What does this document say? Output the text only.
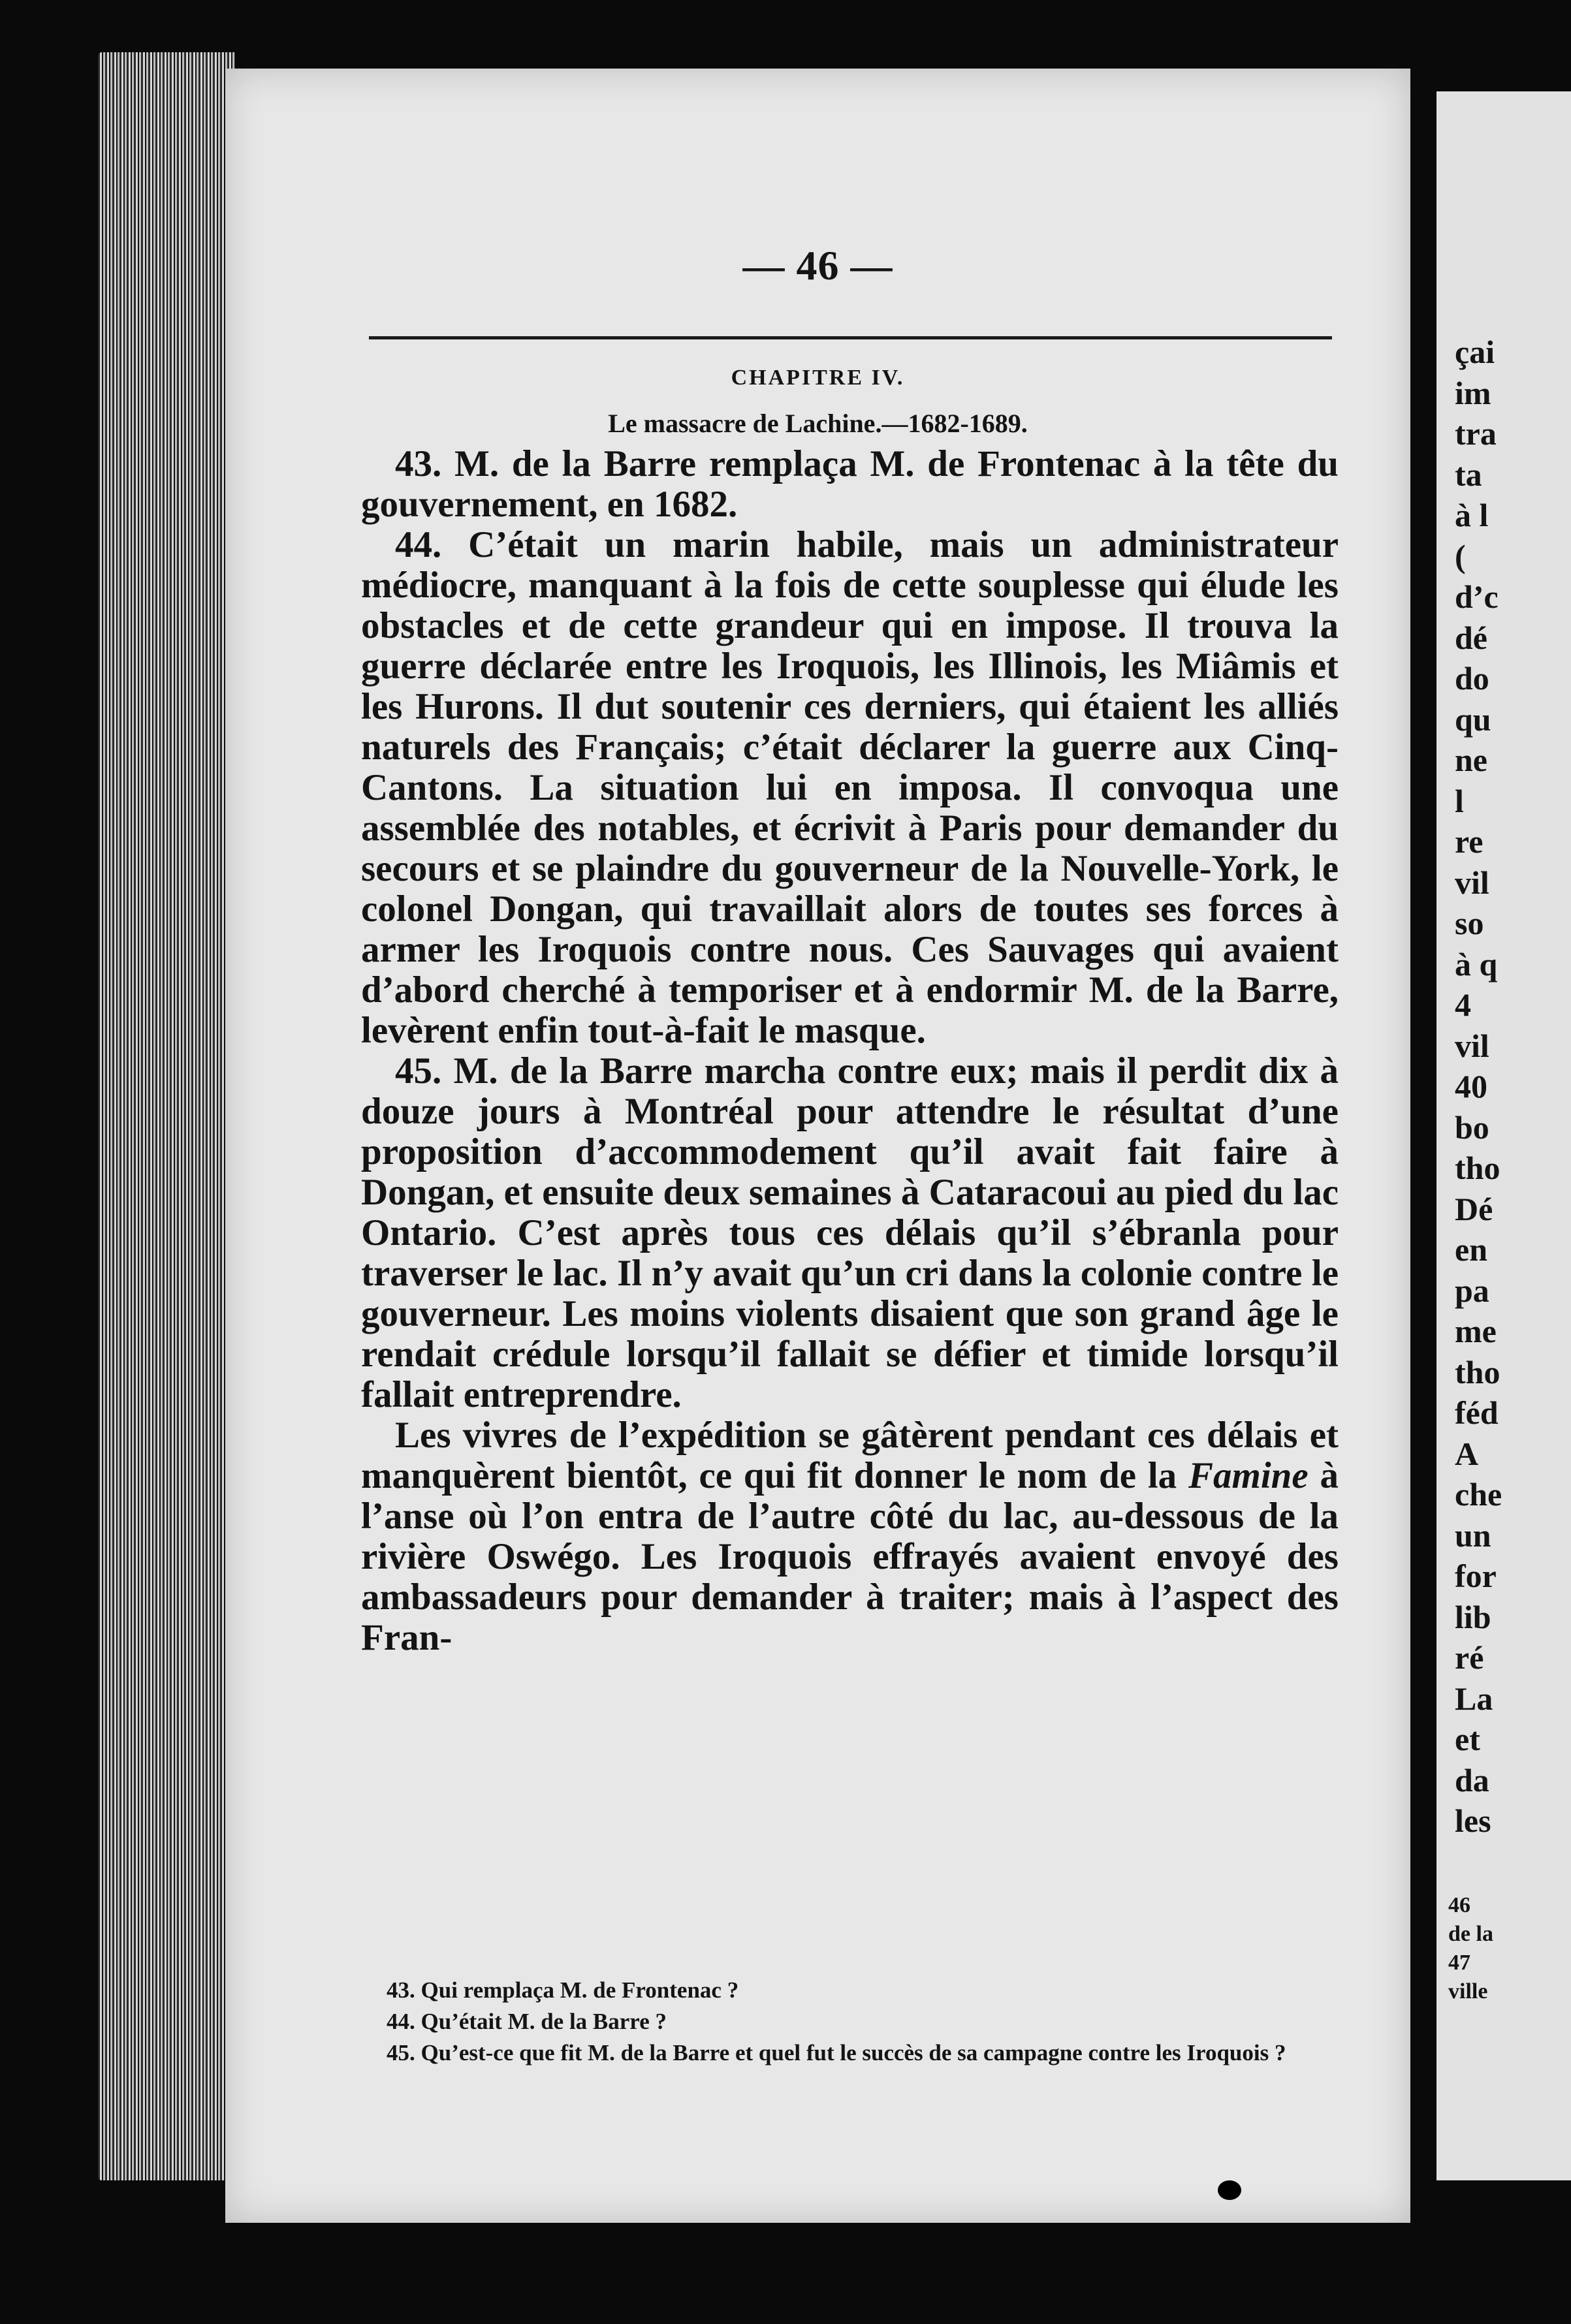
— 46 —
CHAPITRE IV.
Le massacre de Lachine.—1682-1689.

43. M. de la Barre remplaça M. de Frontenac à la tête du gouvernement, en 1682.

44. C’était un marin habile, mais un administrateur médiocre, manquant à la fois de cette souplesse qui élude les obstacles et de cette grandeur qui en impose. Il trouva la guerre déclarée entre les Iroquois, les Illinois, les Miâmis et les Hurons. Il dut soutenir ces derniers, qui étaient les alliés naturels des Français; c’était déclarer la guerre aux Cinq-Cantons. La situation lui en imposa. Il convoqua une assemblée des notables, et écrivit à Paris pour demander du secours et se plaindre du gouverneur de la Nouvelle-York, le colonel Dongan, qui travaillait alors de toutes ses forces à armer les Iroquois contre nous. Ces Sauvages qui avaient d’abord cherché à temporiser et à endormir M. de la Barre, levèrent enfin tout-à-fait le masque.

45. M. de la Barre marcha contre eux; mais il perdit dix à douze jours à Montréal pour attendre le résultat d’une proposition d’accommodement qu’il avait fait faire à Dongan, et ensuite deux semaines à Cataracoui au pied du lac Ontario. C’est après tous ces délais qu’il s’ébranla pour traverser le lac. Il n’y avait qu’un cri dans la colonie contre le gouverneur. Les moins violents disaient que son grand âge le rendait crédule lorsqu’il fallait se défier et timide lorsqu’il fallait entreprendre.

Les vivres de l’expédition se gâtèrent pendant ces délais et manquèrent bientôt, ce qui fit donner le nom de la Famine à l’anse où l’on entra de l’autre côté du lac, au-dessous de la rivière Oswégo. Les Iroquois effrayés avaient envoyé des ambassadeurs pour demander à traiter; mais à l’aspect des Fran-

43. Qui remplaça M. de Frontenac ?
44. Qu’était M. de la Barre ?
45. Qu’est-ce que fit M. de la Barre et quel fut le succès de sa campagne contre les Iroquois ?
çai
im
tra
ta
à l
(
d’c
dé
do
qu
ne
l
re
vil
so
à q
4
vil
40
bo
tho
Dé
en
pa
me
tho
féd
A
che
un
for
lib
ré
La
et
da
les
46
de la
47
ville
